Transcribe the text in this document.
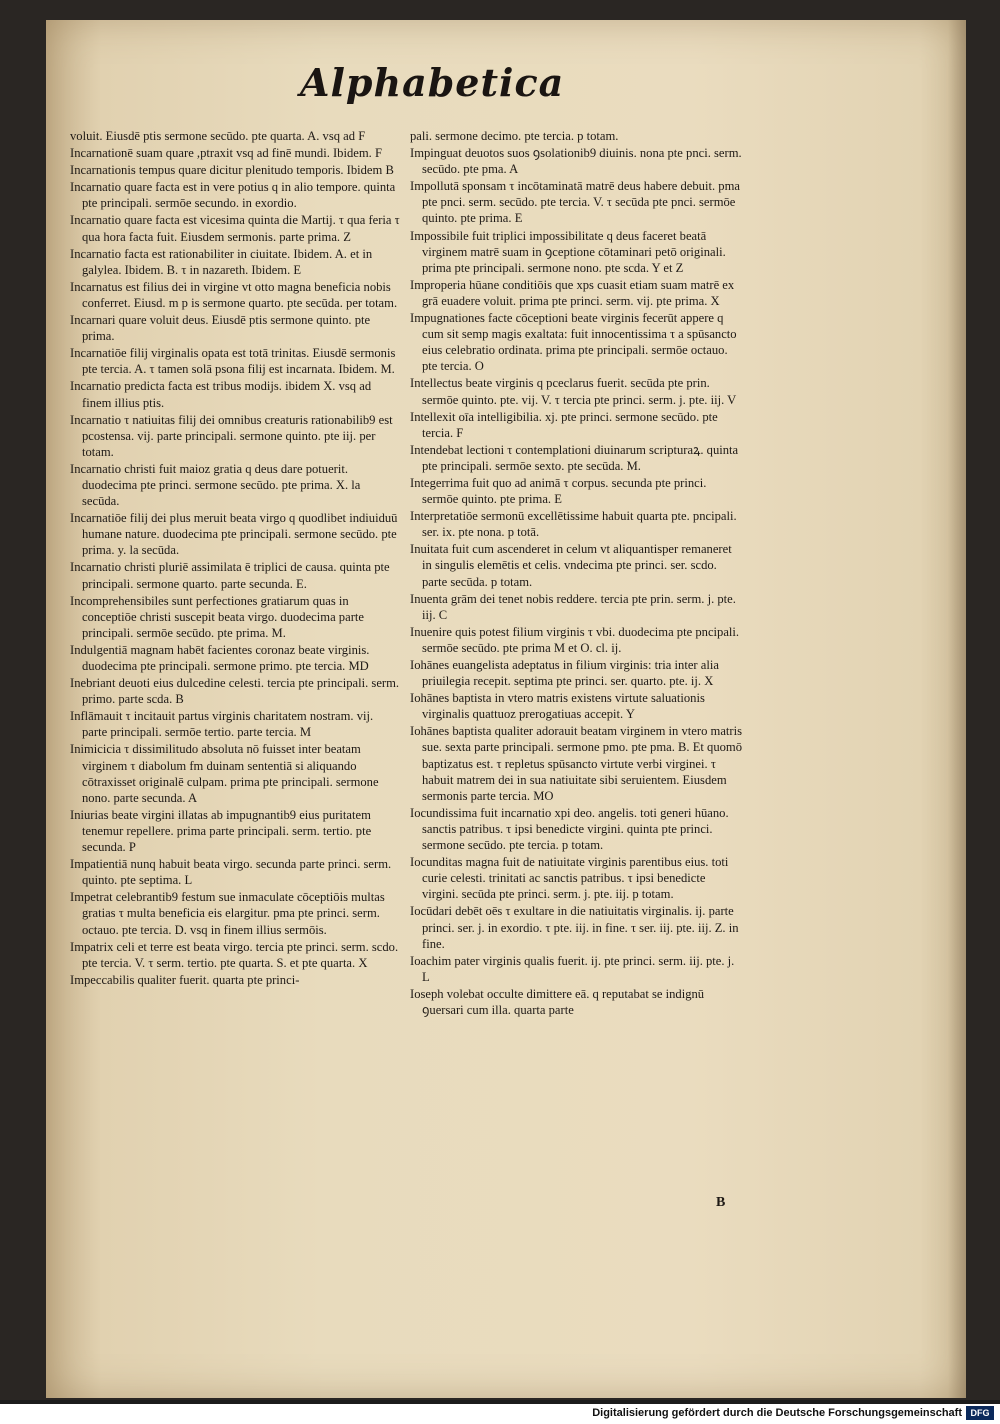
Alphabetica
voluit. Eiusdē ptis sermone secūdo. pte quarta. A. vsq ad F
Incarnationē suam quare ,ptraxit vsq ad finē mundi. Ibidem. F
Incarnationis tempus quare dicitur plenitudo temporis. Ibidem B
Incarnatio quare facta est in vere potius q in alio tempore. quinta pte principali. sermōe secundo. in exordio.
Incarnatio quare facta est vicesima quinta die Martij. τ qua feria τ qua hora facta fuit. Eiusdem sermonis. parte prima. Z
Incarnatio facta est rationabiliter in ciuitate. Ibidem. A. et in galylea. Ibidem. B. τ in nazareth. Ibidem. E
Incarnatus est filius dei in virgine vt otto magna beneficia nobis conferret. Eiusd. m p is sermone quarto. pte secūda. per totam.
Incarnari quare voluit deus. Eiusdē ptis sermone quinto. pte prima.
Incarnatiōe filij virginalis opata est totā trinitas. Eiusdē sermonis pte tercia. A. τ tamen solā psona filij est incarnata. Ibidem. M.
Incarnatio predicta facta est tribus modijs. ibidem X. vsq ad finem illius ptis.
Incarnatio τ natiuitas filij dei omnibus creaturis rationabilib9 est pcostensa. vij. parte principali. sermone quinto. pte iij. per totam.
Incarnatio christi fuit maioz gratia q deus dare potuerit. duodecima pte princi. sermone secūdo. pte prima. X. la secūda.
Incarnatiōe filij dei plus meruit beata virgo q quodlibet indiuiduū humane nature. duodecima pte principali. sermone secūdo. pte prima. y. la secūda.
Incarnatio christi pluriē assimilata ē triplici de causa. quinta pte principali. sermone quarto. parte secunda. E.
Incomprehensibiles sunt perfectiones gratiarum quas in conceptiōe christi suscepit beata virgo. duodecima parte principali. sermōe secūdo. pte prima. M.
Indulgentiā magnam habēt facientes coronaz beate virginis. duodecima pte principali. sermone primo. pte tercia. MD
Inebriant deuoti eius dulcedine celesti. tercia pte principali. serm. primo. parte scda. B
Inflāmauit τ incitauit partus virginis charitatem nostram. vij. parte principali. sermōe tertio. parte tercia. M
Inimicicia τ dissimilitudo absoluta nō fuisset inter beatam virginem τ diabolum fm duinam sententiā si aliquando cōtraxisset originalē culpam. prima pte principali. sermone nono. parte secunda. A
Iniurias beate virgini illatas ab impugnantib9 eius puritatem tenemur repellere. prima parte principali. serm. tertio. pte secunda. P
Impatientiā nunq habuit beata virgo. secunda parte princi. serm. quinto. pte septima. L
Impetrat celebrantib9 festum sue inmaculate cōceptiōis multas gratias τ multa beneficia eis elargitur. pma pte princi. serm. octauo. pte tercia. D. vsq in finem illius sermōis.
Impatrix celi et terre est beata virgo. tercia pte princi. serm. scdo. pte tercia. V. τ serm. tertio. pte quarta. S. et pte quarta. X
Impeccabilis qualiter fuerit. quarta pte princi-
pali. sermone decimo. pte tercia. p totam.
Impinguat deuotos suos ꝯsolationib9 diuinis. nona pte pnci. serm. secūdo. pte pma. A
Impollutā sponsam τ incōtaminatā matrē deus habere debuit. pma pte pnci. serm. secūdo. pte tercia. V. τ secūda pte pnci. sermōe quinto. pte prima. E
Impossibile fuit triplici impossibilitate q deus faceret beatā virginem matrē suam in ꝯceptione cōtaminari petō originali. prima pte principali. sermone nono. pte scda. Y et Z
Improperia hūane conditiōis que xps cuasit etiam suam matrē ex grā euadere voluit. prima pte princi. serm. vij. pte prima. X
Impugnationes facte cōceptioni beate virginis fecerūt appere q cum sit semp magis exaltata: fuit innocentissima τ a spūsancto eius celebratio ordinata. prima pte principali. sermōe octauo. pte tercia. O
Intellectus beate virginis q pceclarus fuerit. secūda pte prin. sermōe quinto. pte. vij. V. τ tercia pte princi. serm. j. pte. iij. V
Intellexit oīa intelligibilia. xj. pte princi. sermone secūdo. pte tercia. F
Intendebat lectioni τ contemplationi diuinarum scripturaꝝ. quinta pte principali. sermōe sexto. pte secūda. M.
Integerrima fuit quo ad animā τ corpus. secunda pte princi. sermōe quinto. pte prima. E
Interpretatiōe sermonū excellētissime habuit quarta pte. pncipali. ser. ix. pte nona. p totā.
Inuitata fuit cum ascenderet in celum vt aliquantisper remaneret in singulis elemētis et celis. vndecima pte princi. ser. scdo. parte secūda. p totam.
Inuenta grām dei tenet nobis reddere. tercia pte prin. serm. j. pte. iij. C
Inuenire quis potest filium virginis τ vbi. duodecima pte pncipali. sermōe secūdo. pte prima M et O. cl. ij.
Iohānes euangelista adeptatus in filium virginis: tria inter alia priuilegia recepit. septima pte princi. ser. quarto. pte. ij. X
Iohānes baptista in vtero matris existens virtute saluationis virginalis quattuoz prerogatiuas accepit. Y
Iohānes baptista qualiter adorauit beatam virginem in vtero matris sue. sexta parte principali. sermone pmo. pte pma. B. Et quomō baptizatus est. τ repletus spūsancto virtute verbi virginei. τ habuit matrem dei in sua natiuitate sibi seruientem. Eiusdem sermonis parte tercia. MO
Iocundissima fuit incarnatio xpi deo. angelis. toti generi hūano. sanctis patribus. τ ipsi benedicte virgini. quinta pte princi. sermone secūdo. pte tercia. p totam.
Iocunditas magna fuit de natiuitate virginis parentibus eius. toti curie celesti. trinitati ac sanctis patribus. τ ipsi benedicte virgini. secūda pte princi. serm. j. pte. iij. p totam.
Iocūdari debēt oēs τ exultare in die natiuitatis virginalis. ij. parte princi. ser. j. in exordio. τ pte. iij. in fine. τ ser. iij. pte. iij. Z. in fine.
Ioachim pater virginis qualis fuerit. ij. pte princi. serm. iij. pte. j. L
Ioseph volebat occulte dimittere eā. q reputabat se indignū ꝯuersari cum illa. quarta parte
B
Digitalisierung gefördert durch die Deutsche Forschungsgemeinschaft DFG
